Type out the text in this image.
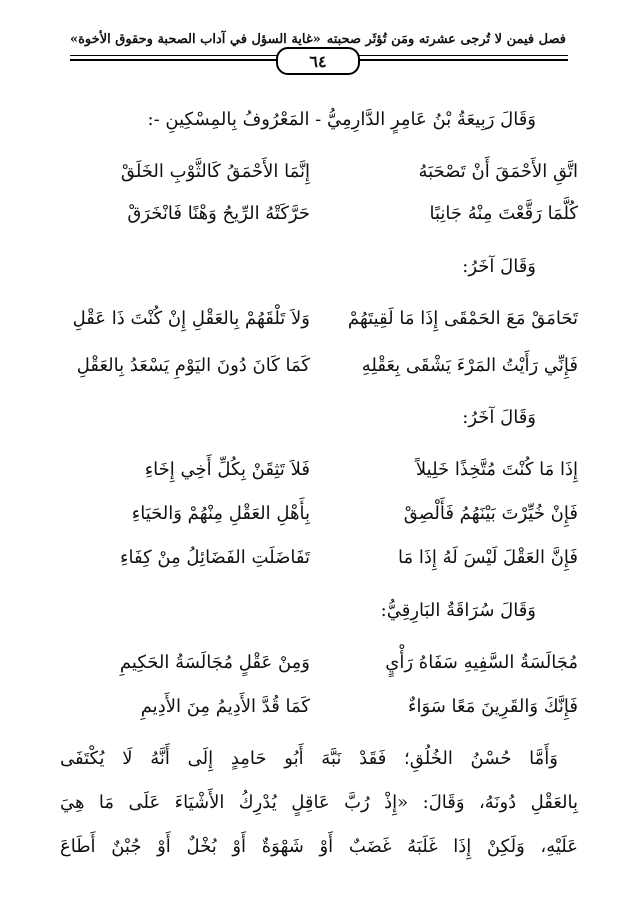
فصل فيمن لا تُرجى عشرته ومَن تُؤثَر صحبته
«غاية السؤل في آداب الصحبة وحقوق الأخوة»
٦٤
وَقَالَ رَبِيعَةُ بْنُ عَامِرٍ الدَّارِمِيُّ - المَعْرُوفُ بِالمِسْكِينِ -:
اتَّقِ الأَحْمَقَ أَنْ تَصْحَبَهُ
إِنَّمَا الأَحْمَقُ كَالثَّوْبِ الخَلَقْ
كُلَّمَا رَقَّعْتَ مِنْهُ جَانِبًا
حَرَّكَتْهُ الرِّيحُ وَهْنًا فَانْخَرَقْ
وَقَالَ آخَرُ:
تَحَامَقْ مَعَ الحَمْقَى إِذَا مَا لَقِيتَهُمْ
وَلاَ تَلْقَهُمْ بِالعَقْلِ إِنْ كُنْتَ ذَا عَقْلِ
فَإِنِّي رَأَيْتُ المَرْءَ يَشْقَى بِعَقْلِهِ
كَمَا كَانَ دُونَ اليَوْمِ يَسْعَدُ بِالعَقْلِ
وَقَالَ آخَرُ:
إِذَا مَا كُنْتَ مُتَّخِذًا خَلِيلاً
فَلاَ تَثِقَنْ بِكُلِّ أَخِي إِخَاءِ
فَإِنْ خُيِّرْتَ بَيْنَهُمُ فَأَلْصِقْ
بِأَهْلِ العَقْلِ مِنْهُمْ وَالحَيَاءِ
فَإِنَّ العَقْلَ لَيْسَ لَهُ إِذَا مَا
تَفَاضَلَتِ الفَضَائِلُ مِنْ كِفَاءِ
وَقَالَ سُرَاقَةُ البَارِقِيُّ:
مُجَالَسَةُ السَّفِيهِ سَفَاهُ رَأْيٍ
وَمِنْ عَقْلٍ مُجَالَسَةُ الحَكِيمِ
فَإِنَّكَ وَالقَرِينَ مَعًا سَوَاءٌ
كَمَا قُدَّ الأَدِيمُ مِنَ الأَدِيمِ
وَأَمَّا حُسْنُ الخُلُقِ؛ فَقَدْ نَبَّهَ أَبُو حَامِدٍ إِلَى أَنَّهُ لَا يُكْتَفَى
بِالعَقْلِ دُونَهُ، وَقَالَ: «إِذْ رُبَّ عَاقِلٍ يُدْرِكُ الأَشْيَاءَ عَلَى مَا هِيَ
عَلَيْهِ، وَلَكِنْ إِذَا غَلَبَهُ غَضَبٌ أَوْ شَهْوَةٌ أَوْ بُخْلٌ أَوْ جُبْنٌ أَطَاعَ
